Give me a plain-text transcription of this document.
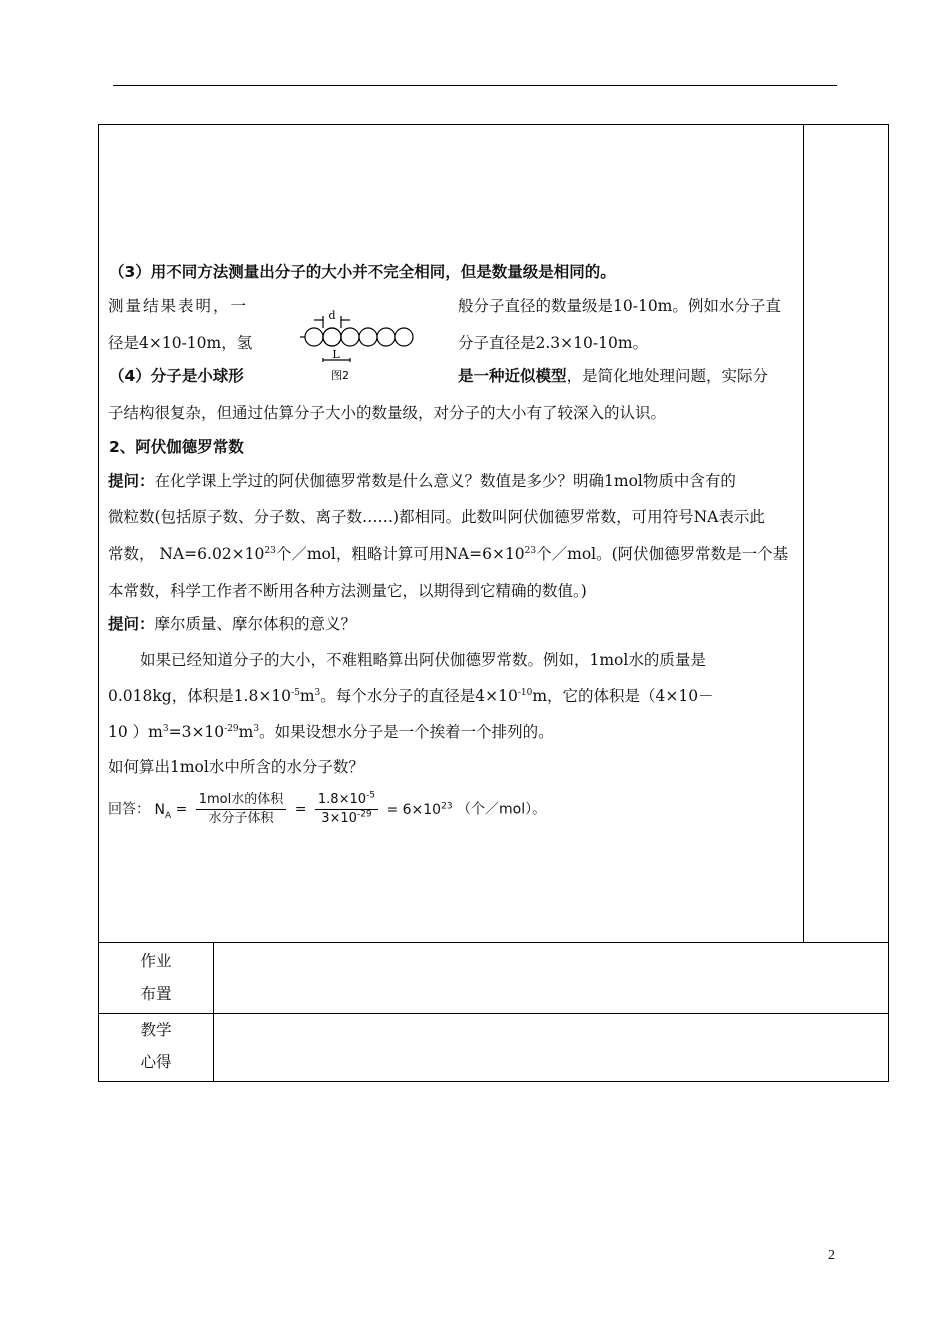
（3）用不同方法测量出分子的大小并不完全相同，但是数量级是相同的。
测量结果表明，一	般分子直径的数量级是10-10m。例如水分子直
径是4×10-10m，氢	分子直径是2.3×10-10m。
（4）分子是小球形	是一种近似模型，是简化地处理问题，实际分
子结构很复杂，但通过估算分子大小的数量级，对分子的大小有了较深入的认识。
d
L
图2
2、阿伏伽德罗常数
提问：在化学课上学过的阿伏伽德罗常数是什么意义？数值是多少？明确1mol物质中含有的
微粒数(包括原子数、分子数、离子数……)都相同。此数叫阿伏伽德罗常数，可用符号NA表示此
常数， $NA=6.02\times 10^{23}$个／mol，粗略计算可用$NA=6\times 10^{23}$个／mol。(阿伏伽德罗常数是一个基
本常数，科学工作者不断用各种方法测量它，以期得到它精确的数值。)
提问：摩尔质量、摩尔体积的意义？
如果已经知道分子的大小，不难粗略算出阿伏伽德罗常数。例如，1mol水的质量是
0.018kg，体积是$1.8\times 10^{-5}m^3$。每个水分子的直径是$4\times 10^{-10}m$，它的体积是（4×10－
10 ）$m^3=3\times 10^{-29}m^3$。如果设想水分子是一个挨着一个排列的。
如何算出1mol水中所含的水分子数？
回答： $N_A = \frac{\text{1mol水的体积}}{\text{水分子体积}} = \frac{1.8\times 10^{-5}}{3\times 10^{-29}} = 6\times 10^{23}$ （个／mol）。
作业
布置
教学
心得
2
